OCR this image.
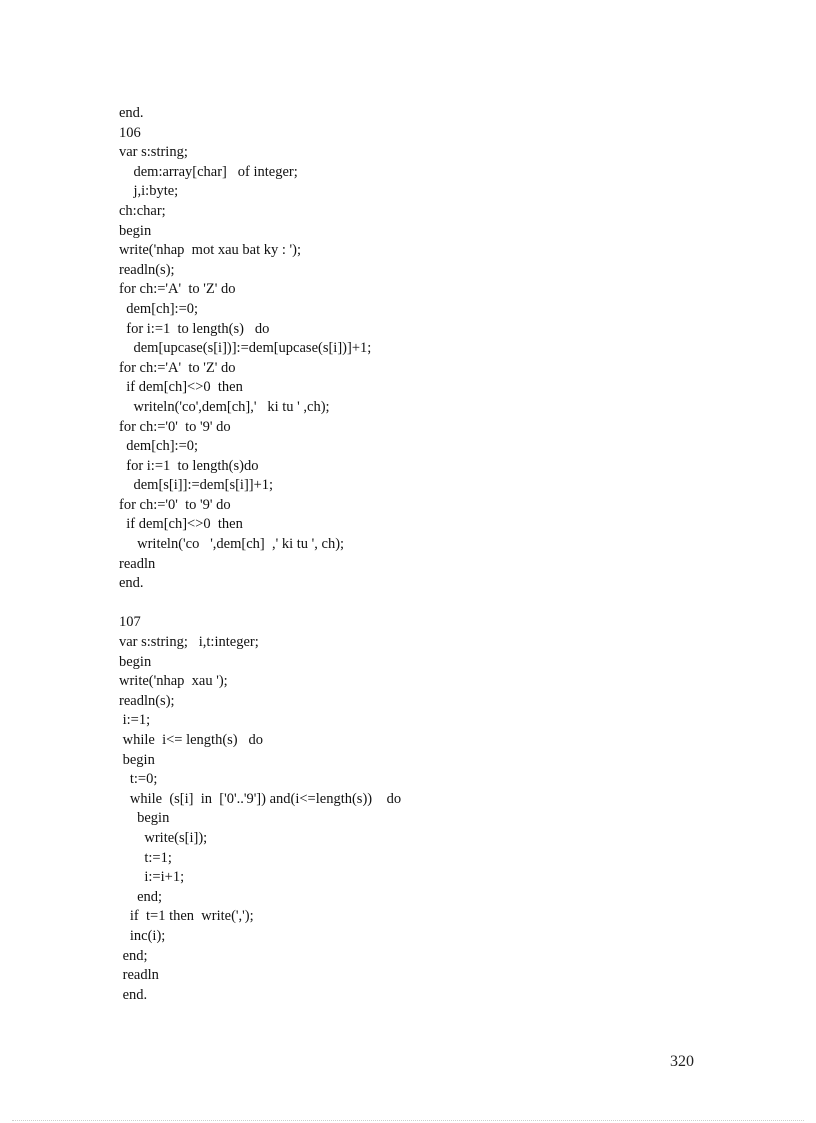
end.
106
var s:string;
dem:array[char]   of integer;
j,i:byte;
ch:char;
begin
write('nhap  mot xau bat ky : ');
readln(s);
for ch:='A'  to 'Z' do
dem[ch]:=0;
for i:=1  to length(s)   do
dem[upcase(s[i])]:=dem[upcase(s[i])]+1;
for ch:='A'  to 'Z' do
if dem[ch]<>0  then
writeln('co',dem[ch],'   ki tu ' ,ch);
for ch:='0'  to '9' do
dem[ch]:=0;
for i:=1  to length(s)do
dem[s[i]]:=dem[s[i]]+1;
for ch:='0'  to '9' do
if dem[ch]<>0  then
writeln('co   ',dem[ch]  ,' ki tu ', ch);
readln
end.
107
var s:string;   i,t:integer;
begin
write('nhap  xau ');
readln(s);
i:=1;
while  i<= length(s)   do
begin
t:=0;
while  (s[i]  in  ['0'..'9']) and(i<=length(s))    do
begin
write(s[i]);
t:=1;
i:=i+1;
end;
if  t=1 then  write(',');
inc(i);
end;
readln
end.
320
